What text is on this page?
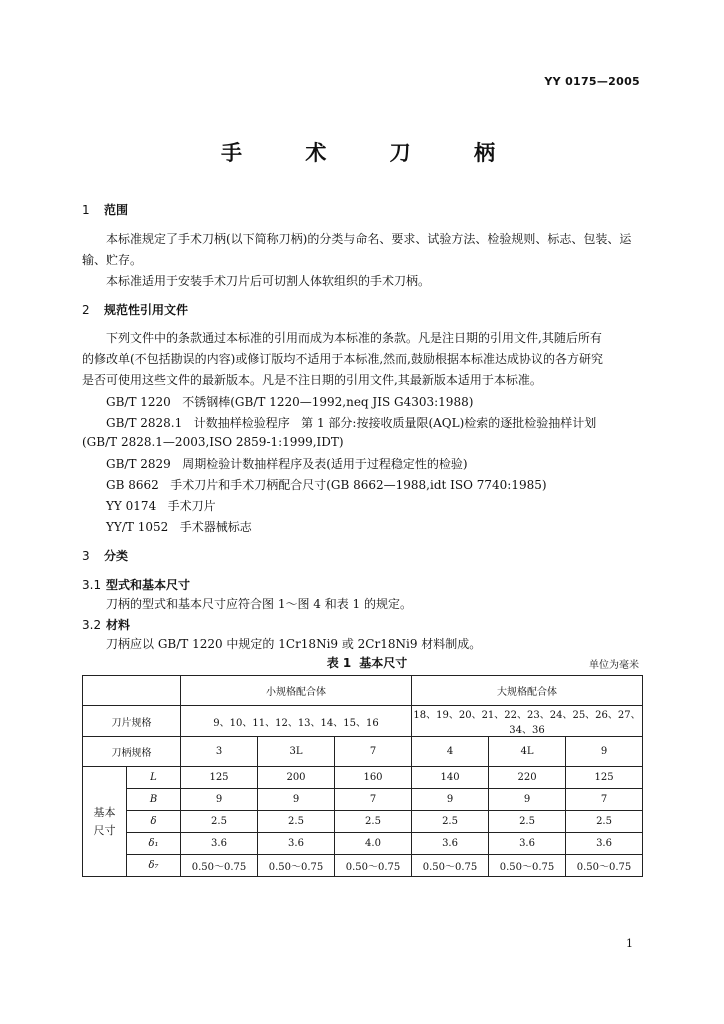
YY 0175—2005
手 术 刀 柄
1 范围
本标准规定了手术刀柄(以下简称刀柄)的分类与命名、要求、试验方法、检验规则、标志、包装、运
输、贮存。
本标准适用于安装手术刀片后可切割人体软组织的手术刀柄。
2 规范性引用文件
下列文件中的条款通过本标准的引用而成为本标准的条款。凡是注日期的引用文件,其随后所有
的修改单(不包括勘误的内容)或修订版均不适用于本标准,然而,鼓励根据本标准达成协议的各方研究
是否可使用这些文件的最新版本。凡是不注日期的引用文件,其最新版本适用于本标准。
GB/T 1220   不锈钢棒(GB/T 1220—1992,neq JIS G4303:1988)
GB/T 2828.1   计数抽样检验程序   第 1 部分:按接收质量限(AQL)检索的逐批检验抽样计划
(GB/T 2828.1—2003,ISO 2859-1:1999,IDT)
GB/T 2829   周期检验计数抽样程序及表(适用于过程稳定性的检验)
GB 8662   手术刀片和手术刀柄配合尺寸(GB 8662—1988,idt ISO 7740:1985)
YY 0174   手术刀片
YY/T 1052   手术器械标志
3 分类
3.1 型式和基本尺寸
刀柄的型式和基本尺寸应符合图 1～图 4 和表 1 的规定。
3.2 材料
刀柄应以 GB/T 1220 中规定的 1Cr18Ni9 或 2Cr18Ni9 材料制成。
表 1 基本尺寸	单位为毫米
		小规格配合体			大规格配合体		
刀片规格		9、10、11、12、13、14、15、16			18、19、20、21、22、23、24、25、26、27、34、36		
刀柄规格		3	3L	7	4	4L	9

基本
尺寸	L	125	200	160	140	220	125
	B	9	9	7	9	9	7
	δ	2.5	2.5	2.5	2.5	2.5	2.5
	δ₁	3.6	3.6	4.0	3.6	3.6	3.6
	δ₇	0.50～0.75	0.50～0.75	0.50～0.75	0.50～0.75	0.50～0.75	0.50～0.75
1
